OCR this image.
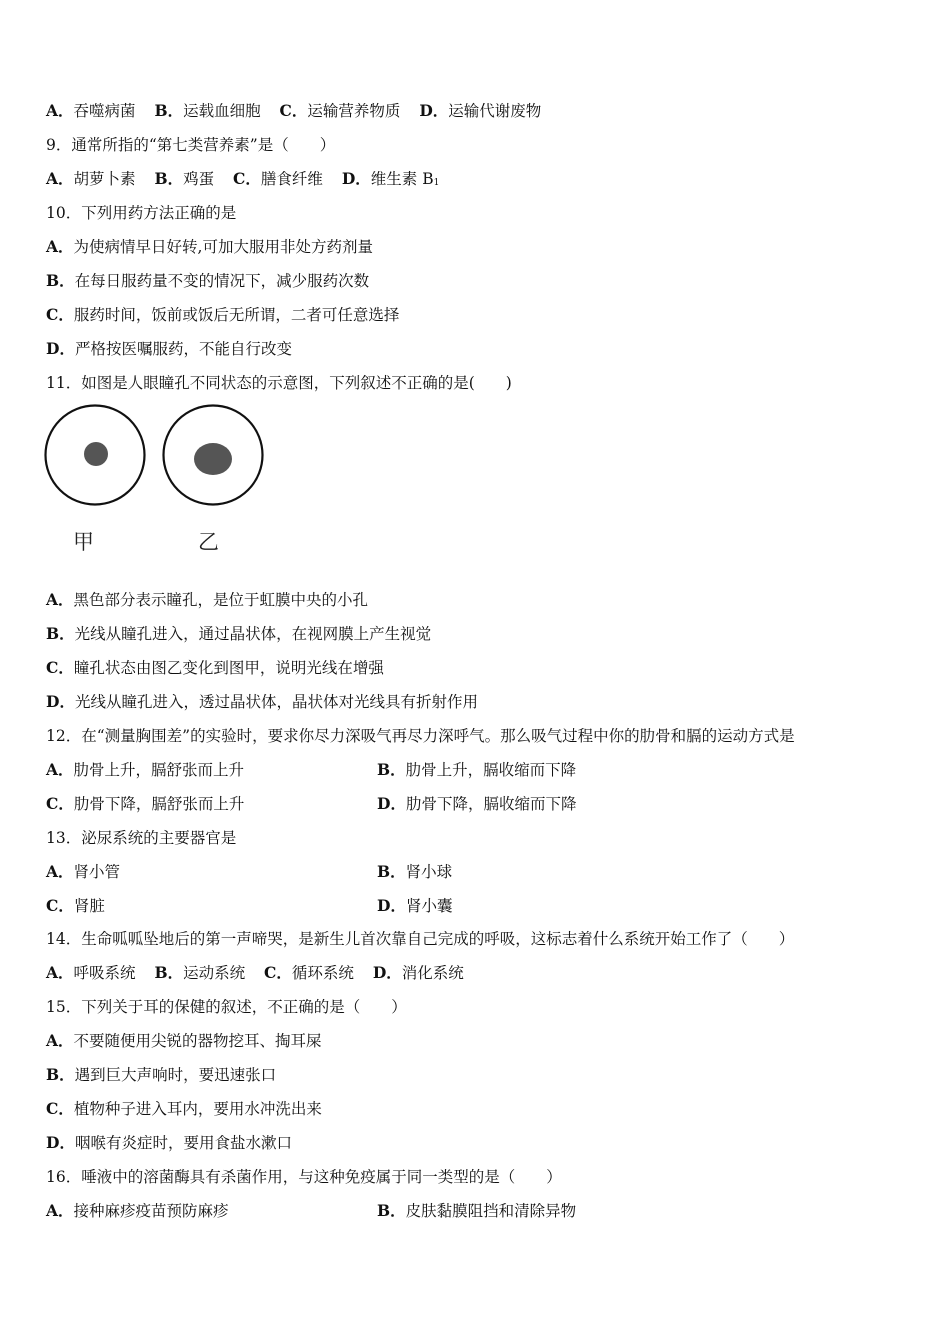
A．吞噬病菌 B．运载血细胞 C．运输营养物质 D．运输代谢废物
9．通常所指的“第七类营养素”是（　　）
A．胡萝卜素 B．鸡蛋 C．膳食纤维 D．维生素 B1
10．下列用药方法正确的是
A．为使病情早日好转,可加大服用非处方药剂量
B．在每日服药量不变的情况下，减少服药次数
C．服药时间，饭前或饭后无所谓，二者可任意选择
D．严格按医嘱服药，不能自行改变
11．如图是人眼瞳孔不同状态的示意图，下列叙述不正确的是(　　)
甲	乙
A．黑色部分表示瞳孔，是位于虹膜中央的小孔
B．光线从瞳孔进入，通过晶状体，在视网膜上产生视觉
C．瞳孔状态由图乙变化到图甲，说明光线在增强
D．光线从瞳孔进入，透过晶状体，晶状体对光线具有折射作用
12．在“测量胸围差”的实验时，要求你尽力深吸气再尽力深呼气。那么吸气过程中你的肋骨和膈的运动方式是
A．肋骨上升，膈舒张而上升	B．肋骨上升，膈收缩而下降
C．肋骨下降，膈舒张而上升	D．肋骨下降，膈收缩而下降
13．泌尿系统的主要器官是
A．肾小管	B．肾小球
C．肾脏	D．肾小囊
14．生命呱呱坠地后的第一声啼哭，是新生儿首次靠自己完成的呼吸，这标志着什么系统开始工作了（　　）
A．呼吸系统 B．运动系统 C．循环系统 D．消化系统
15．下列关于耳的保健的叙述，不正确的是（　　）
A．不要随便用尖锐的器物挖耳、掏耳屎
B．遇到巨大声响时，要迅速张口
C．植物种子进入耳内，要用水冲洗出来
D．咽喉有炎症时，要用食盐水漱口
16．唾液中的溶菌酶具有杀菌作用，与这种免疫属于同一类型的是（　　）
A．接种麻疹疫苗预防麻疹	B．皮肤黏膜阻挡和清除异物
